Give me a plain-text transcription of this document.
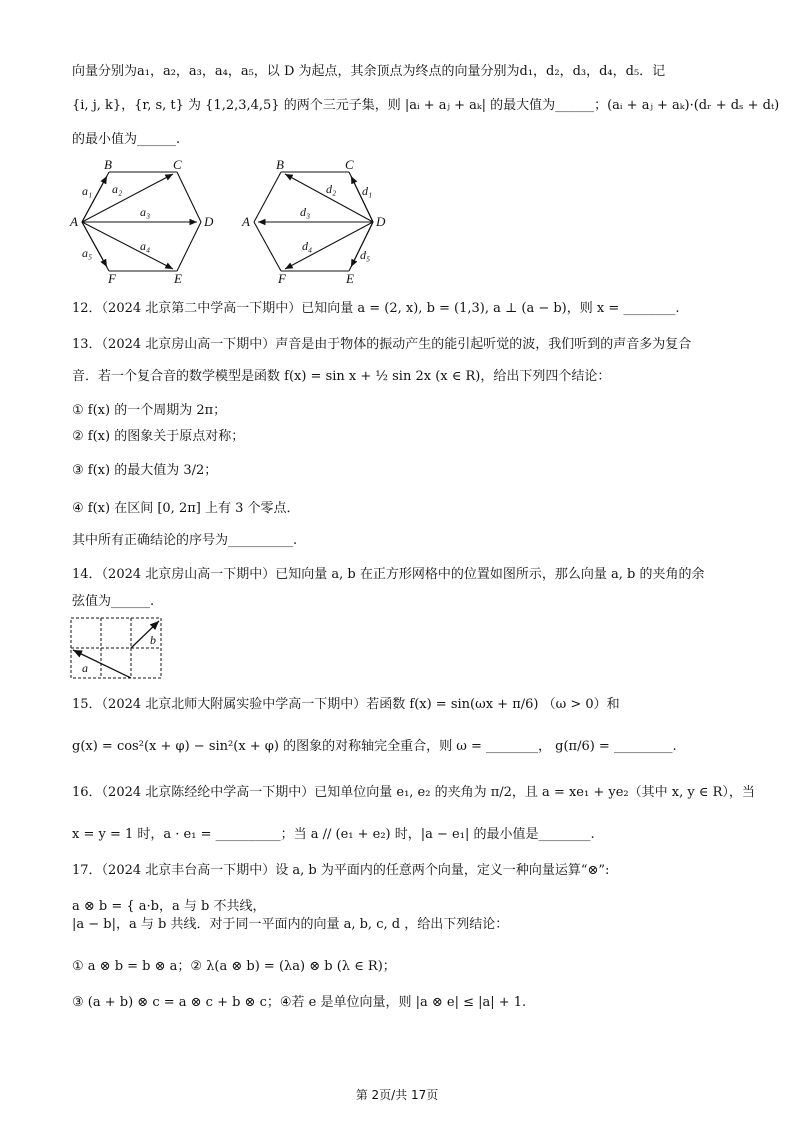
向量分别为a₁，a₂，a₃，a₄，a₅，以 D 为起点，其余顶点为终点的向量分别为d₁，d₂，d₃，d₄，d₅．记
{i, j, k}，{r, s, t} 为 {1,2,3,4,5} 的两个三元子集，则 |aᵢ + aⱼ + aₖ| 的最大值为______；(aᵢ + aⱼ + aₖ)·(dᵣ + dₛ + dₜ)
的最小值为______.
A
B	C
D
E
F
a₁ a₂
a₃
a₄
a₅
A
B	C
D
E
F
d₁
d₂
d₃
d₄
d₅
12．（2024 北京第二中学高一下期中）已知向量 a = (2, x), b = (1,3), a ⊥ (a − b)，则 x = ________.
13．（2024 北京房山高一下期中）声音是由于物体的振动产生的能引起听觉的波，我们听到的声音多为复合
音．若一个复合音的数学模型是函数 f(x) = sin x + ½ sin 2x (x ∈ R)，给出下列四个结论：
① f(x) 的一个周期为 2π；
② f(x) 的图象关于原点对称；
③ f(x) 的最大值为 3/2；
④ f(x) 在区间 [0, 2π] 上有 3 个零点．
其中所有正确结论的序号为__________.
14．（2024 北京房山高一下期中）已知向量 a, b 在正方形网格中的位置如图所示，那么向量 a, b 的夹角的余
弦值为______.
a
b
15．（2024 北京北师大附属实验中学高一下期中）若函数 f(x) = sin(ωx + π/6) （ω > 0）和
g(x) = cos²(x + φ) − sin²(x + φ) 的图象的对称轴完全重合，则 ω = ________， g(π/6) = _________.
16．（2024 北京陈经纶中学高一下期中）已知单位向量 e₁, e₂ 的夹角为 π/2，且 a = xe₁ + ye₂（其中 x, y ∈ R），当
x = y = 1 时，a · e₁ = __________；当 a // (e₁ + e₂) 时，|a − e₁| 的最小值是________.
17．（2024 北京丰台高一下期中）设 a, b 为平面内的任意两个向量，定义一种向量运算“⊗”:
a ⊗ b = { a·b，a 与 b 不共线，
|a − b|，a 与 b 共线．对于同一平面内的向量 a, b, c, d ，给出下列结论：
① a ⊗ b = b ⊗ a；② λ(a ⊗ b) = (λa) ⊗ b (λ ∈ R)；
③ (a + b) ⊗ c = a ⊗ c + b ⊗ c；④若 e 是单位向量，则 |a ⊗ e| ≤ |a| + 1.
第 2页/共 17页
